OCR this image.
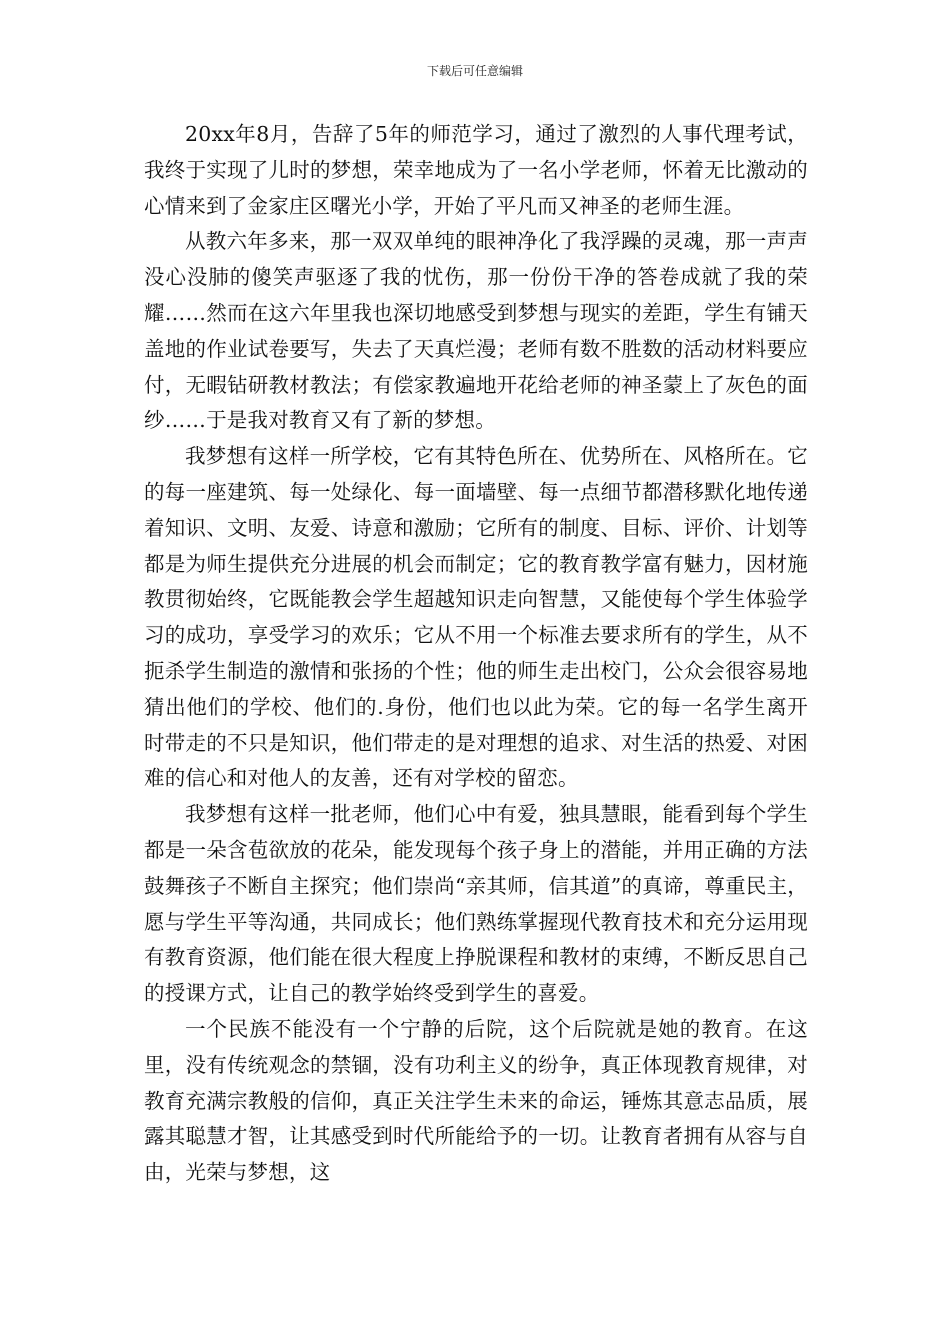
下载后可任意编辑

20xx年8月，告辞了5年的师范学习，通过了激烈的人事代理考试，我终于实现了儿时的梦想，荣幸地成为了一名小学老师，怀着无比激动的心情来到了金家庄区曙光小学，开始了平凡而又神圣的老师生涯。

从教六年多来，那一双双单纯的眼神净化了我浮躁的灵魂，那一声声没心没肺的傻笑声驱逐了我的忧伤，那一份份干净的答卷成就了我的荣耀……然而在这六年里我也深切地感受到梦想与现实的差距，学生有铺天盖地的作业试卷要写，失去了天真烂漫；老师有数不胜数的活动材料要应付，无暇钻研教材教法；有偿家教遍地开花给老师的神圣蒙上了灰色的面纱……于是我对教育又有了新的梦想。

我梦想有这样一所学校，它有其特色所在、优势所在、风格所在。它的每一座建筑、每一处绿化、每一面墙壁、每一点细节都潜移默化地传递着知识、文明、友爱、诗意和激励；它所有的制度、目标、评价、计划等都是为师生提供充分进展的机会而制定；它的教育教学富有魅力，因材施教贯彻始终，它既能教会学生超越知识走向智慧，又能使每个学生体验学习的成功，享受学习的欢乐；它从不用一个标准去要求所有的学生，从不扼杀学生制造的激情和张扬的个性；他的师生走出校门，公众会很容易地猜出他们的学校、他们的.身份，他们也以此为荣。它的每一名学生离开时带走的不只是知识，他们带走的是对理想的追求、对生活的热爱、对困难的信心和对他人的友善，还有对学校的留恋。

我梦想有这样一批老师，他们心中有爱，独具慧眼，能看到每个学生都是一朵含苞欲放的花朵，能发现每个孩子身上的潜能，并用正确的方法鼓舞孩子不断自主探究；他们崇尚“亲其师，信其道”的真谛，尊重民主，愿与学生平等沟通，共同成长；他们熟练掌握现代教育技术和充分运用现有教育资源，他们能在很大程度上挣脱课程和教材的束缚，不断反思自己的授课方式，让自己的教学始终受到学生的喜爱。

一个民族不能没有一个宁静的后院，这个后院就是她的教育。在这里，没有传统观念的禁锢，没有功利主义的纷争，真正体现教育规律，对教育充满宗教般的信仰，真正关注学生未来的命运，锤炼其意志品质，展露其聪慧才智，让其感受到时代所能给予的一切。让教育者拥有从容与自由，光荣与梦想，这
